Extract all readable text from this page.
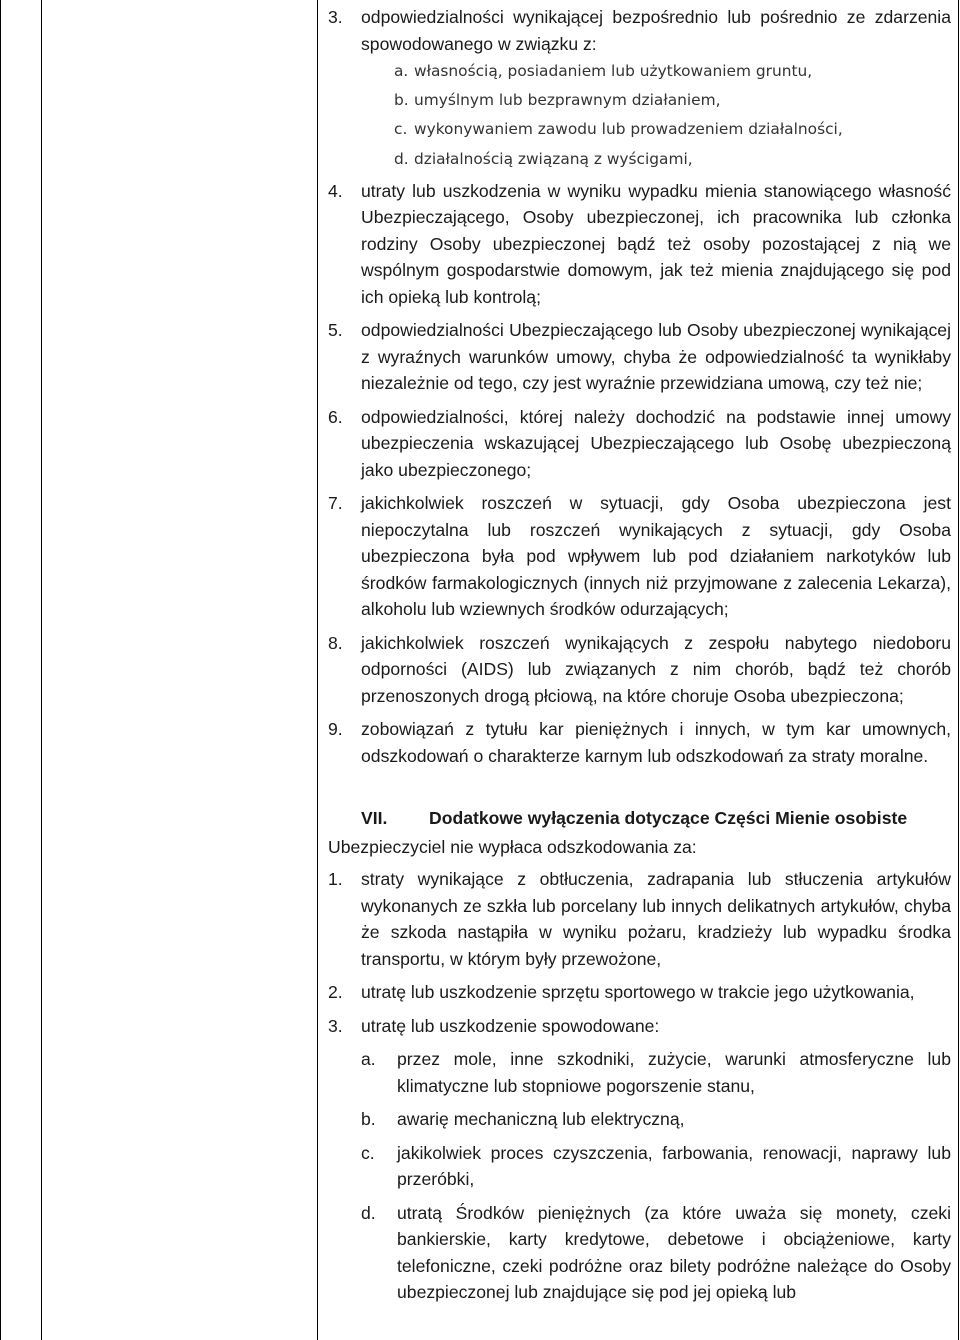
3.	odpowiedzialności wynikającej bezpośrednio lub pośrednio ze zdarzenia spowodowanego w związku z:
a. własnością, posiadaniem lub użytkowaniem gruntu,
b. umyślnym lub bezprawnym działaniem,
c. wykonywaniem zawodu lub prowadzeniem działalności,
d. działalnością związaną z wyścigami,
4.	utraty lub uszkodzenia w wyniku wypadku mienia stanowiącego własność Ubezpieczającego, Osoby ubezpieczonej, ich pracownika lub członka rodziny Osoby ubezpieczonej bądź też osoby pozostającej z nią we wspólnym gospodarstwie domowym, jak też mienia znajdującego się pod ich opieką lub kontrolą;
5.	odpowiedzialności Ubezpieczającego lub Osoby ubezpieczonej wynikającej z wyraźnych warunków umowy, chyba że odpowiedzialność ta wynikłaby niezależnie od tego, czy jest wyraźnie przewidziana umową, czy też nie;
6.	odpowiedzialności, której należy dochodzić na podstawie innej umowy ubezpieczenia wskazującej Ubezpieczającego lub Osobę ubezpieczoną jako ubezpieczonego;
7.	jakichkolwiek roszczeń w sytuacji, gdy Osoba ubezpieczona jest niepoczytalna lub roszczeń wynikających z sytuacji, gdy Osoba ubezpieczona była pod wpływem lub pod działaniem narkotyków lub środków farmakologicznych (innych niż przyjmowane z zalecenia Lekarza), alkoholu lub wziewnych środków odurzających;
8.	jakichkolwiek roszczeń wynikających z zespołu nabytego niedoboru odporności (AIDS) lub związanych z nim chorób, bądź też chorób przenoszonych drogą płciową, na które choruje Osoba ubezpieczona;
9.	zobowiązań z tytułu kar pieniężnych i innych, w tym kar umownych, odszkodowań o charakterze karnym lub odszkodowań za straty moralne.
VII.	Dodatkowe wyłączenia dotyczące Części Mienie osobiste
Ubezpieczyciel nie wypłaca odszkodowania za:
1.	straty wynikające z obtłuczenia, zadrapania lub stłuczenia artykułów wykonanych ze szkła lub porcelany lub innych delikatnych artykułów, chyba że szkoda nastąpiła w wyniku pożaru, kradzieży lub wypadku środka transportu, w którym były przewożone,
2.	utratę lub uszkodzenie sprzętu sportowego w trakcie jego użytkowania,
3.	utratę lub uszkodzenie spowodowane:
a.	przez mole, inne szkodniki, zużycie, warunki atmosferyczne lub klimatyczne lub stopniowe pogorszenie stanu,
b.	awarię mechaniczną lub elektryczną,
c.	jakikolwiek proces czyszczenia, farbowania, renowacji, naprawy lub przeróbki,
d.	utratą Środków pieniężnych (za które uważa się monety, czeki bankierskie, karty kredytowe, debetowe i obciążeniowe, karty telefoniczne, czeki podróżne oraz bilety podróżne należące do Osoby ubezpieczonej lub znajdujące się pod jej opieką lub
